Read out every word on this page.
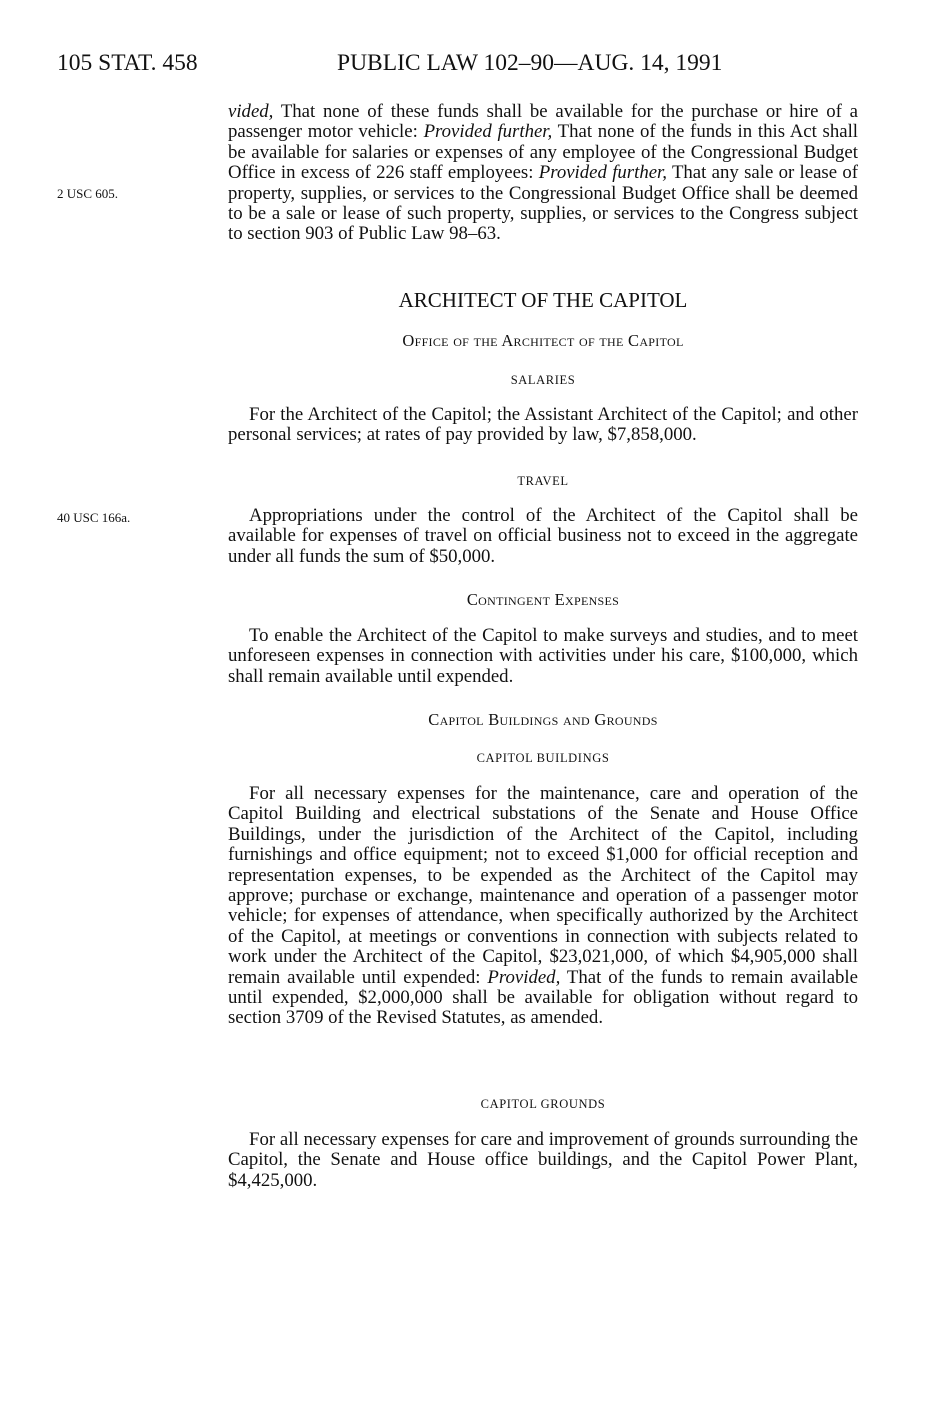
105 STAT. 458	PUBLIC LAW 102–90—AUG. 14, 1991
2 USC 605.
40 USC 166a.
vided, That none of these funds shall be available for the purchase or hire of a passenger motor vehicle: Provided further, That none of the funds in this Act shall be available for salaries or expenses of any employee of the Congressional Budget Office in excess of 226 staff employees: Provided further, That any sale or lease of property, supplies, or services to the Congressional Budget Office shall be deemed to be a sale or lease of such property, supplies, or services to the Congress subject to section 903 of Public Law 98–63.
ARCHITECT OF THE CAPITOL
Office of the Architect of the Capitol
SALARIES
For the Architect of the Capitol; the Assistant Architect of the Capitol; and other personal services; at rates of pay provided by law, $7,858,000.
TRAVEL
Appropriations under the control of the Architect of the Capitol shall be available for expenses of travel on official business not to exceed in the aggregate under all funds the sum of $50,000.
Contingent Expenses
To enable the Architect of the Capitol to make surveys and studies, and to meet unforeseen expenses in connection with activities under his care, $100,000, which shall remain available until expended.
Capitol Buildings and Grounds
CAPITOL BUILDINGS
For all necessary expenses for the maintenance, care and operation of the Capitol Building and electrical substations of the Senate and House Office Buildings, under the jurisdiction of the Architect of the Capitol, including furnishings and office equipment; not to exceed $1,000 for official reception and representation expenses, to be expended as the Architect of the Capitol may approve; purchase or exchange, maintenance and operation of a passenger motor vehicle; for expenses of attendance, when specifically authorized by the Architect of the Capitol, at meetings or conventions in connection with subjects related to work under the Architect of the Capitol, $23,021,000, of which $4,905,000 shall remain available until expended: Provided, That of the funds to remain available until expended, $2,000,000 shall be available for obligation without regard to section 3709 of the Revised Statutes, as amended.
CAPITOL GROUNDS
For all necessary expenses for care and improvement of grounds surrounding the Capitol, the Senate and House office buildings, and the Capitol Power Plant, $4,425,000.
